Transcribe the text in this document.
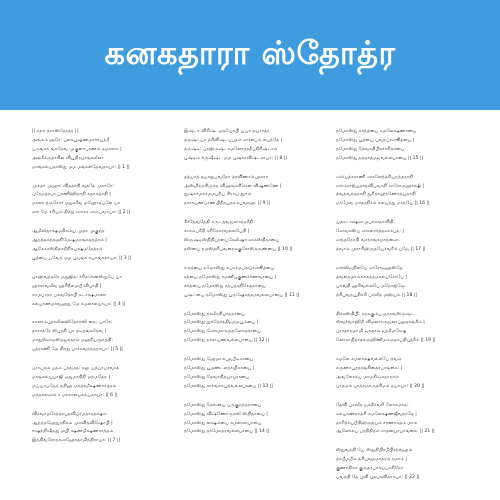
கனகதாரா ஸ்தோத்ர
|| கநக தாரஸ்தோத்ர ||
அங்கம் ஹரே: புலகபூஷணமாச்ரயந்தீ
ப்ருங்கா ங்கநேவ முகுளாபரணம் தமாலம் |
அங்கீக்ருதாகில விபூதிரபாங்கலீலா
மாங்கல்யதாஸ்து மம மங்களதேவதாயா: || 1 ||
முக்தா முஹு: விததாதி வதநே முராரே:
ப்ரேமத்ரபா ப்ரணிஹிதாநி கதாகதாநி |
மாலா த்ருசோர் மதுகரீவ மஹோத்பலே யா
ஸா மே ச்ரியம் திசது ஸாகர ஸம்பவாயா: || 2 ||
ஆமீலிதாக்ஷமதிகம்ய முதா முகுந்த
ஆநந்தகந்தமநிமேஷமநங்கதந்த்ரம் |
ஆகேகரஸ்திதகநீநிகபக்ஷ்மநேத்ரம்
பூத்யை பவேந் மம புஜங்க சயாங்கநாயா: || 3 ||
பாஹ்வந்தரே மதுஜித: ச்ரிதகௌஸ்துபே யா
ஹாராவலீவ ஹரிநீலமயீ விபாதி |
காமப்ரதா பகவதோபி கடாக்ஷமாலா
கல்யாணமாவஹது மே கமலாலயாயா: || 4 ||
காலாம்புதாலிலஸிதோரஸி கைடபாரே:
தாராதரே ஸ்புரதி யா தடிதங்கநேவ |
மாதுஸ்ஸமஸ்தஜகதாம் மஹநீயமூர்த்தி:
பத்ராணி மே திசது பார்கவநந்தநாயா: || 5 ||
ப்ராப்தம் பதம் ப்ரதமத: கலு யத்ப்ரபாவாத்
மாங்கல்யபாஜி மதுமாதிநி மந்மதேந |
மய்யாபதேத் ததிஹ மந்தரமீக்ஷணார்த்தம்
மந்தாலஸம் ச மகராலயகந்யகாயா: || 6 ||
விச்வாமரேந்த்ரபதவிப்ரமதாநதக்ஷம்
ஆநந்தஹேதுரதிகம் முரவித்விஷோபி |
ஈஷந்நிஷீதது மயி க்ஷணமீக்ஷணார்த்தம்
இந்திவரோதரஸஹோதரமிந்திராயா: || 7 ||
இஷ்டா விசிஷ்டமதயோபி யயா தயார்த்ர
த்ருஷ்ட்யா த்ரிவிஷ்டபபதம் ஸுலபம் லபந்தே |
த்ருஷ்டி: ப்ரஹ்ருஷ்டகமலோதரதீப்திரிஷ்டாம்
புஷ்டிம் க்ருஷீஷ்ட மம புஷ்கரவிஷ்டராயா: || 8 ||
தத்யாத் தயாநுபவநோ த்ரவிணாம்புதாரா
அஸ்மிந்நகிஞ்சந விஹங்கசிசௌ விஷண்ணே |
துஷ்கர்மகர்மமபநீய சிராய தூரம்
நாராயணப்ரணயிநீநயநாம்புவாஹ: || 9 ||
கீர்தேவதேதி கருடத்வஜஸுந்தரீதி
சாகம்பரீதி சசிசேகரவல்லபேதி |
ஸ்ருஷ்டிஸ்திதிப்ரளயகேலிஷு ஸம்ஸ்திதாயை
தஸ்யை நமஸ்த்ரிபுவநைககுரோஸ்தருண்யை || 10 ||
ச்ருத்யை நமோஸ்து சுபகர்மபலப்ரஸூத்யை
ரத்யை நமோஸ்து ரமணீயகுணார்ணவாயை |
சக்த்யை நமோஸ்து சதபத்ரநிகேதநாயை
புஷ்ட்யை நமோஸ்து புருஷோத்தமவல்லபாயை || 11 ||
நமோஸ்து நாலீகநிபாநநாயை
நமோஸ்து துக்தோததிஜந்மபூம்யை |
நமோஸ்து ஸோமாம்ருதஸோதராயை
நமோஸ்து நாராயணவல்லபாயை || 12 ||
நமோஸ்து ஹேமாம்புஜபீடிகாயை
நமோஸ்து பூமண்டலநாயிகாயை |
நமோஸ்து தேவாதிதயாபராயை
நமோஸ்து சார்ங்காயுதவல்லபாயை || 13 ||
நமோஸ்து தேவ்யை ப்ருகுநந்தநாயை
நமோஸ்து விஷ்ணோருரஸி ஸ்திதாயை |
நமோஸ்து லக்ஷ்ம்யை கமலாலயாயை
நமோஸ்து தாமோதரவல்லபாயை || 14 ||
நமோஸ்து காந்த்யை கமலேக்ஷணாயை
நமோஸ்து பூத்யை புவநப்ரஸூத்யை |
நமோஸ்து தேவாதிபிரர்ச்சிதாயை
நமோஸ்து நந்தாத்மஜவல்லபாயை || 15 ||
ஸம்பத்கராணி ஸகலேந்த்ரியநந்தநாநி
ஸாம்ராஜ்யதாநவிபவாநி ஸரோருஹாக்ஷி |
த்வத்வந்தநாநி துரிதாஹரணோத்யதாநி
மாமேவ மாதரநிசம் கலயந்து மாந்யே || 16 ||
யத்கடாக்ஷஸமுபாஸநாவிதி:
ஸேவகஸ்ய ஸகலார்த்தஸம்பத: |
ஸந்தநோதி வசநாங்கமாநஸை:
த்வாம் முராரிஹ்ருதயேச்வரீம் பஜே || 17 ||
ஸரஸிஜநிலயே ஸரோஜஹஸ்தே
தவளதமாம்சுககந்தமால்யசோபே |
பகவதி ஹரிவல்லபே மநோஜ்ஞே
த்ரிபுவநபூதிகரி ப்ரஸீத மஹ்யம் || 18 ||
திக்கஸ்திபி: கநககும்பமுகாவஸ்ருஷ்ட
ஸ்வர்வாஹிநீ விமலசாருஜலாப்லுதாங்கீம் |
ப்ராதர்நமாமி ஜகதாம் ஜநநீமசேஷ
லோகாதிநாதக்ருஹிணீமம்ருதாப்திபுத்ரீம் || 19 ||
கமலே கமலாக்ஷவல்லபே த்வம்
கருணாபூரதரங்கிதைரபாங்கை: |
அவலோகய மாமகிஞ்சநாநாம்
ப்ரதமம் பாத்ரமக்ருத்ரிமம் தயாயா: || 20 ||
தேவி ப்ரஸீத ஜகதீச்வரி லோகமாத:
கல்யாணகாத்ரி கமலேக்ஷணஜீவநாதே |
தாரித்ர்யபீதிஹ்ருதயம் சரணாகதம் மாம்
ஆலோகய ப்ரதிதிநம் ஸதயைரபாங்கை: || 21 ||
ஸ்துவந்தி யே ஸ்துதிபிரமீபிரந்வஹம்
த்ரயீமயீம் த்ரிபுவநமாதரம் ரமாம் |
குணாதிகா குருதரபாக்யபாகிநோ
பவந்தி தே புவி புதபாவிதாசயா: || 22 ||
